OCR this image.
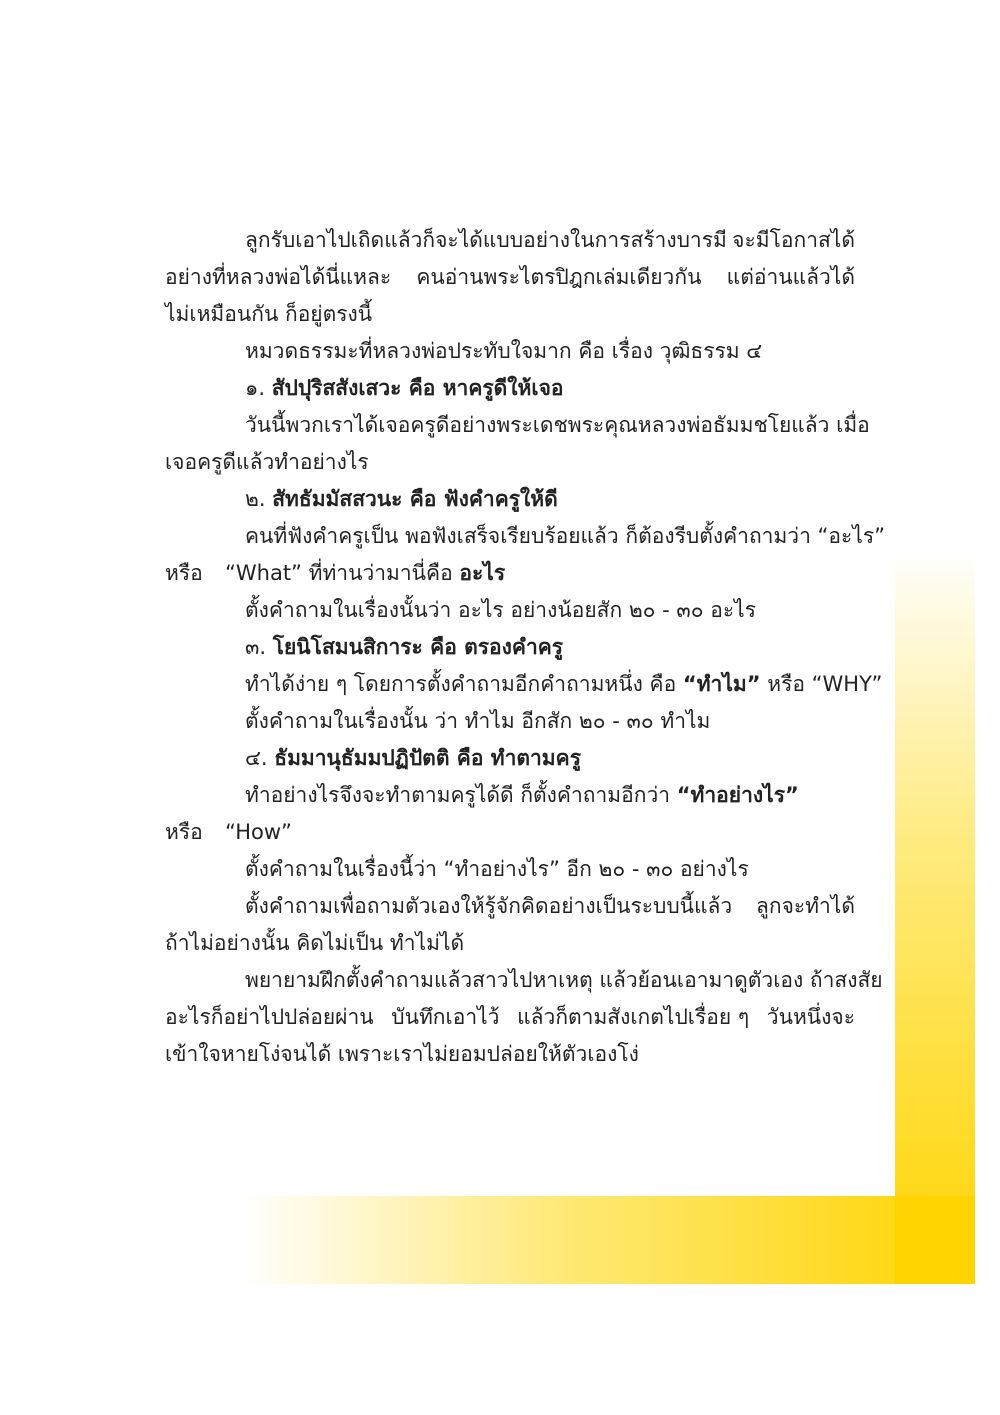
ลูกรับเอาไปเถิดแล้วก็จะได้แบบอย่างในการสร้างบารมี จะมีโอกาสได้
อย่างที่หลวงพ่อได้นี่แหละ คนอ่านพระไตรปิฎกเล่มเดียวกัน แต่อ่านแล้วได้
ไม่เหมือนกัน ก็อยู่ตรงนี้
หมวดธรรมะที่หลวงพ่อประทับใจมาก คือ เรื่อง วุฒิธรรม ๔
๑. สัปปุริสสังเสวะ คือ หาครูดีให้เจอ
วันนี้พวกเราได้เจอครูดีอย่างพระเดชพระคุณหลวงพ่อธัมมชโยแล้ว เมื่อ
เจอครูดีแล้วทำอย่างไร
๒. สัทธัมมัสสวนะ คือ ฟังคำครูให้ดี
คนที่ฟังคำครูเป็น พอฟังเสร็จเรียบร้อยแล้ว ก็ต้องรีบตั้งคำถามว่า “อะไร”
หรือ “What” ที่ท่านว่ามานี่คือ อะไร
ตั้งคำถามในเรื่องนั้นว่า อะไร อย่างน้อยสัก ๒๐ - ๓๐ อะไร
๓. โยนิโสมนสิการะ คือ ตรองคำครู
ทำได้ง่าย ๆ โดยการตั้งคำถามอีกคำถามหนึ่ง คือ “ทำไม” หรือ “WHY”
ตั้งคำถามในเรื่องนั้น ว่า ทำไม อีกสัก ๒๐ - ๓๐ ทำไม
๔. ธัมมานุธัมมปฏิปัตติ คือ ทำตามครู
ทำอย่างไรจึงจะทำตามครูได้ดี ก็ตั้งคำถามอีกว่า “ทำอย่างไร”
หรือ “How”
ตั้งคำถามในเรื่องนี้ว่า “ทำอย่างไร” อีก ๒๐ - ๓๐ อย่างไร
ตั้งคำถามเพื่อถามตัวเองให้รู้จักคิดอย่างเป็นระบบนี้แล้ว ลูกจะทำได้
ถ้าไม่อย่างนั้น คิดไม่เป็น ทำไม่ได้
พยายามฝึกตั้งคำถามแล้วสาวไปหาเหตุ แล้วย้อนเอามาดูตัวเอง ถ้าสงสัย
อะไรก็อย่าไปปล่อยผ่าน บันทึกเอาไว้ แล้วก็ตามสังเกตไปเรื่อย ๆ วันหนึ่งจะ
เข้าใจหายโง่จนได้ เพราะเราไม่ยอมปล่อยให้ตัวเองโง่
